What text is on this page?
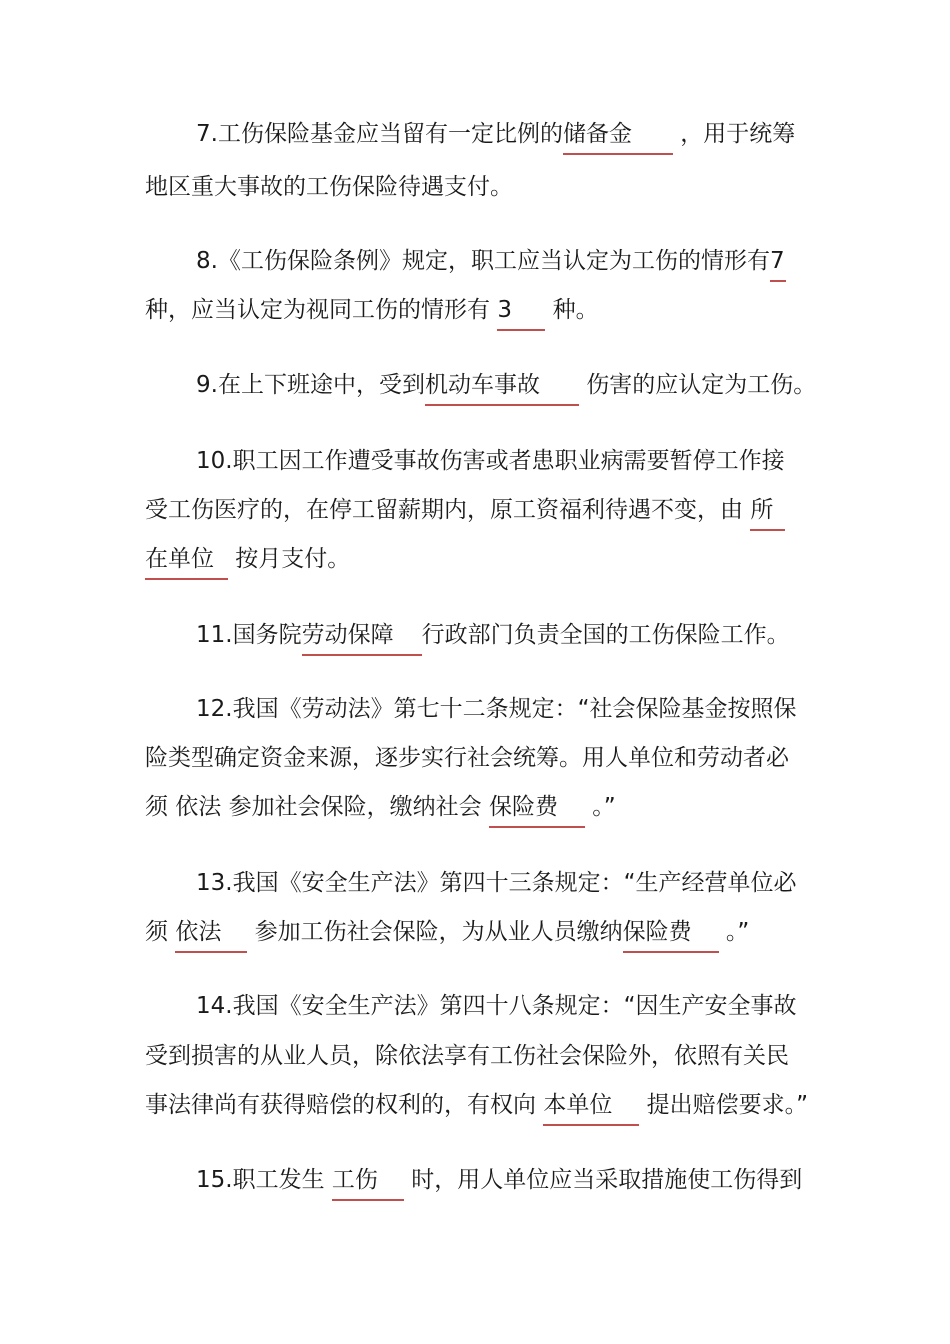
7.工伤保险基金应当留有一定比例的储备金 ，用于统筹
地区重大事故的工伤保险待遇支付。
8.《工伤保险条例》规定，职工应当认定为工伤的情形有7
种，应当认定为视同工伤的情形有 3 种。
9.在上下班途中，受到机动车事故 伤害的应认定为工伤。
10.职工因工作遭受事故伤害或者患职业病需要暂停工作接
受工伤医疗的，在停工留薪期内，原工资福利待遇不变，由 所
在单位 按月支付。
11.国务院劳动保障行政部门负责全国的工伤保险工作。
12.我国《劳动法》第七十二条规定：“社会保险基金按照保
险类型确定资金来源，逐步实行社会统筹。用人单位和劳动者必
须 依法 参加社会保险，缴纳社会 保险费 。”
13.我国《安全生产法》第四十三条规定：“生产经营单位必
须 依法 参加工伤社会保险，为从业人员缴纳保险费 。”
14.我国《安全生产法》第四十八条规定：“因生产安全事故
受到损害的从业人员，除依法享有工伤社会保险外，依照有关民
事法律尚有获得赔偿的权利的，有权向 本单位 提出赔偿要求。”
15.职工发生 工伤 时，用人单位应当采取措施使工伤得到
